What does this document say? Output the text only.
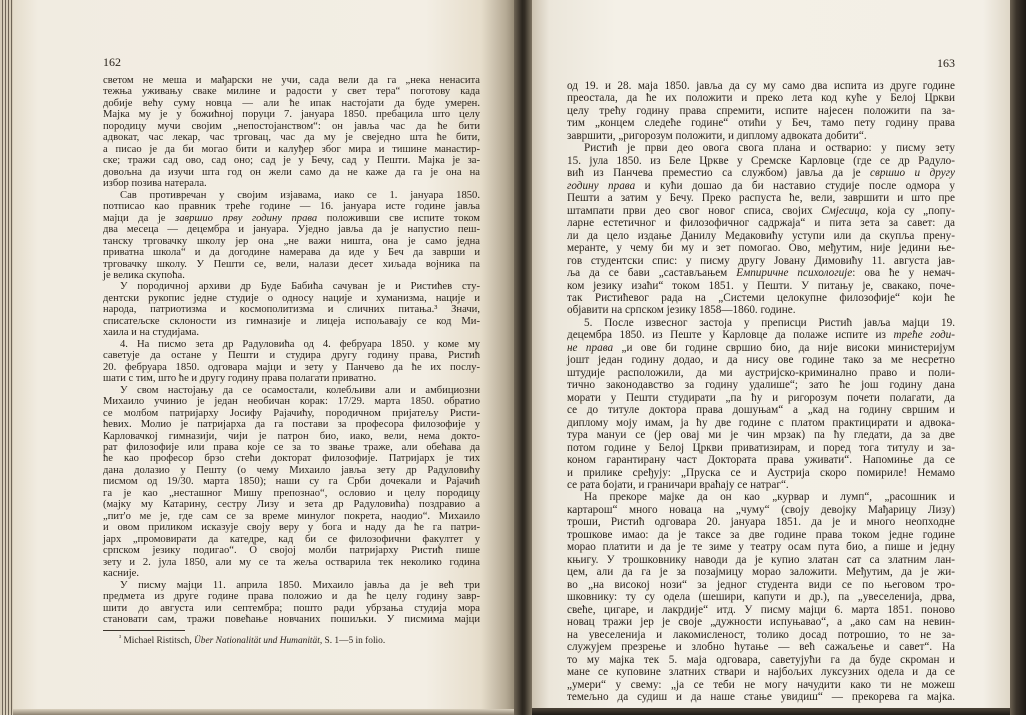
162	163
светом не меша и мађарски не учи, сада вели да га „нека ненасита
тежња уживању сваке милине и радости у свет тера“ поготову када
добије већу суму новца — али ће ипак настојати да буде умерен.
Мајка му је у божићној поруци 7. јануара 1850. пребацила што целу
породицу мучи својим „непостојанством“: он јавља час да ће бити
адвокат, час лекар, час трговац, час да му је свеједно шта ће бити,
а писао је да би могао бити и калуђер због мира и тишине манастир-
ске; тражи сад ово, сад оно; сад је у Бечу, сад у Пешти. Мајка је за-
довољна да изучи шта год он жели само да не каже да га је она на
избор позива натерала.
Сав противречан у својим изјавама, иако се 1. јануара 1850.
потписао као правник треће године — 16. јануара исте године јавља
мајци да је завршио прву годину права положивши све испите током
два месеца — децембра и јануара. Уједно јавља да је напустио пеш-
танску трговачку школу јер она „не важи ништа, она је само једна
приватна школа“ и да догодине намерава да иде у Беч да заврши и
трговачку школу. У Пешти се, вели, налази десет хиљада војника па
је велика скупоћа.
У породичној архиви др Буде Бабића сачуван је и Ристићев сту-
дентски рукопис једне студије о односу нације и хуманизма, нације и
народа, патриотизма и космополитизма и сличних питања.³ Значи,
списатељске склоности из гимназије и лицеја испољавају се код Ми-
хаила и на студијама.
4. На писмо зета др Радуловића од 4. фебруара 1850. у коме му
саветује да остане у Пешти и студира другу годину права, Ристић
20. фебруара 1850. одговара мајци и зету у Панчево да ће их послу-
шати с тим, што ће и другу годину права полагати приватно.
У свом настојању да се осамостали, колебљиви али и амбициозни
Михаило учинио је један необичан корак: 17/29. марта 1850. обратио
се молбом патријарху Јосифу Рајачићу, породичном пријатељу Ристи-
ћевих. Молио је патријарха да га постави за професора филозофије у
Карловачкој гимназији, чији је патрон био, иако, вели, нема докто-
рат филозофије или права које се за то звање траже, али обећава да
ће као професор брзо стећи докторат филозофије. Патријарх је тих
дана долазио у Пешту (о чему Михаило јавља зету др Радуловићу
писмом од 19/30. марта 1850); наши су га Срби дочекали и Рајачић
га је као „несташног Мишу препознао“, ословио и целу породицу
(мајку му Катарину, сестру Лизу и зета др Радуловића) поздравио а
„пит'о ме је, где сам се за време минулог покрета, наодио“. Михаило
и овом приликом исказује своју веру у бога и наду да ће га патри-
јарх „промовирати да катедре, кад би се филозофични факултет у
српском језику подигао“. О својој молби патријарху Ристић пише
зету и 2. јула 1850, али му се та жеља остварила тек неколико година
касније.
У писму мајци 11. априла 1850. Михаило јавља да је већ три
предмета из друге године права положио и да ће целу годину завр-
шити до августа или септембра; пошто ради убрзања студија мора
становати сам, тражи повећање новчаних пошиљки. У писмима мајци
$^{^3}$ Michael Ristitsch, Über Nationalität und Humanität, S. 1—5 in folio.
од 19. и 28. маја 1850. јавља да су му само два испита из друге године
преостала, да ће их положити и преко лета код куће у Белој Цркви
целу трећу годину права спремити, испите најесен положити па за-
тим „концем следеће године“ отићи у Беч, тамо пету годину права
завршити, „ригорозум положити, и диплому адвоката добити“.
Ристић је први део овога свога плана и остварио: у писму зету
15. јула 1850. из Беле Цркве у Сремске Карловце (где се др Радуло-
вић из Панчева преместио са службом) јавља да је свршио и другу
годину права и кући дошао да би наставио студије после одмора у
Пешти а затим у Бечу. Преко распуста ће, вели, завршити и што пре
штампати први део свог новог списа, својих Смјесица, која су „попу-
ларне естетичног и филозофичног садржаја“ и пита зета за савет: да
ли да цело издање Данилу Медаковићу уступи или да скупља прену-
меранте, у чему би му и зет помогао. Ово, међутим, није једини ње-
гов студентски спис: у писму другу Јовану Димовићу 11. августа јав-
ља да се бави „састављањем Емпиричне психологије: ова ће у немач-
ком језику изаћи“ током 1851. у Пешти. У питању је, свакако, поче-
так Ристићевог рада на „Системи целокупне филозофије“ који ће
објавити на српском језику 1858—1860. године.
5. После извесног застоја у преписци Ристић јавља мајци 19.
децембра 1850. из Пеште у Карловце да полаже испите из треће годи-
не права „и ове би године свршио био, да није високи министеријум
јошт један годину додао, и да нису ове године тако за ме несретно
штудије расположили, да ми аустријско-криминално право и поли-
тично законодавство за годину удалише“; зато ће још годину дана
морати у Пешти студирати „па ћу и ригорозум почети полагати, да
се до титуле доктора права дошуњам“ а „кад на годину свршим и
диплому моју имам, ја ћу две године с платом практицирати и адвока-
тура мануи се (јер овај ми је чин мрзак) па ћу гледати, да за две
потом године у Белој Цркви приватизирам, и поред тога титулу и за-
коном гарантирану част Доктората права уживати“. Напомиње да се
и прилике сређују: „Пруска се и Аустрија скоро помириле! Немамо
се рата бојати, и граничари враћају се натраг“.
На прекоре мајке да он као „курвар и лумп“, „расошник и
картарош“ много новаца на „чуму“ (своју девојку Мађарицу Лизу)
троши, Ристић одговара 20. јануара 1851. да је и много неопходне
трошкове имао: да је таксе за две године права током једне године
морао платити и да је те зиме у театру осам пута био, а пише и једну
књигу. У трошковнику наводи да је купио златан сат са златним лан-
цем, али да га је за позајмицу морао заложити. Међутим, да је жи-
во „на високој нози“ за једног студента види се по његовом тро-
шковнику: ту су одела (шешири, капути и др.), па „увеселенија, дрва,
свеће, цигаре, и лакрдије“ итд. У писму мајци 6. марта 1851. поново
новац тражи јер је своје „дужности испуњавао“, а „ако сам на невин-
на увеселенија и лакомисленост, толико досад потрошио, то не за-
служујем презрење и злобно ћутање — већ сажаљење и савет“. На
то му мајка тек 5. маја одговара, саветујући га да буде скроман и
мане се куповине златних ствари и најбољих луксузних одела и да се
„умери“ у свему: „ја се теби не могу начудити како ти не можеш
темељно да судиш и да наше стање увидиш“ — прекорева га мајка.
